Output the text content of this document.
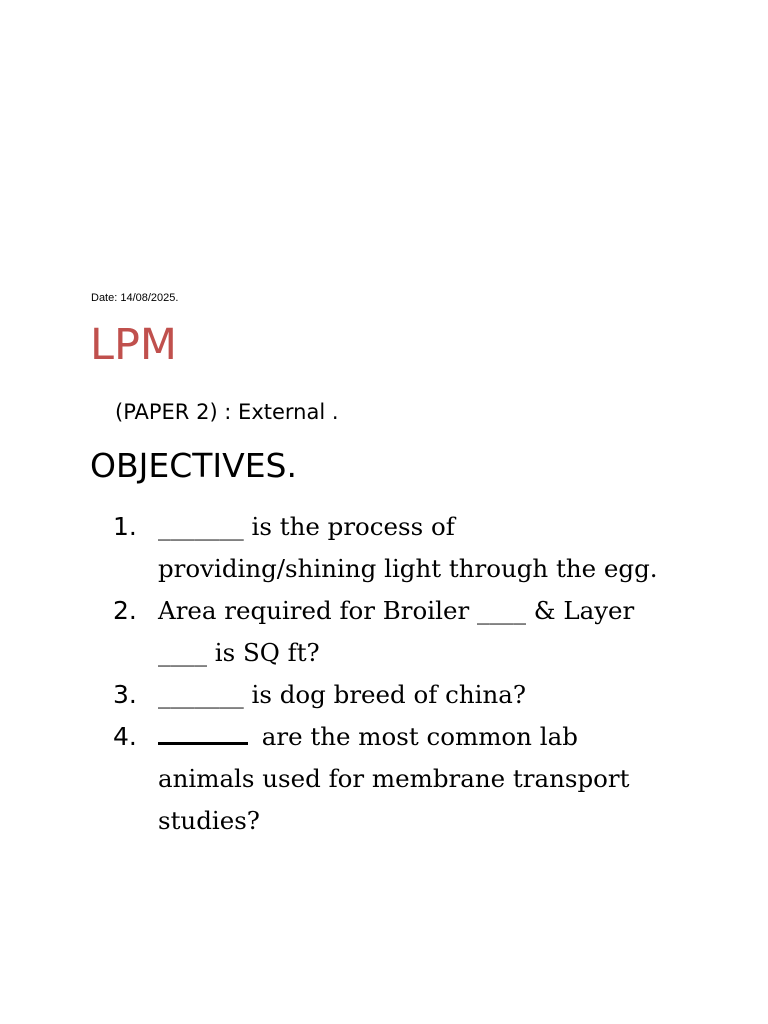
Date: 14/08/2025.
LPM
(PAPER 2) : External .
OBJECTIVES.
1. _______ is the process of providing/shining light through the egg.
2. Area required for Broiler ____ & Layer ____ is SQ ft?
3. _______ is dog breed of china?
4.	are the most common lab animals used for membrane transport studies?
